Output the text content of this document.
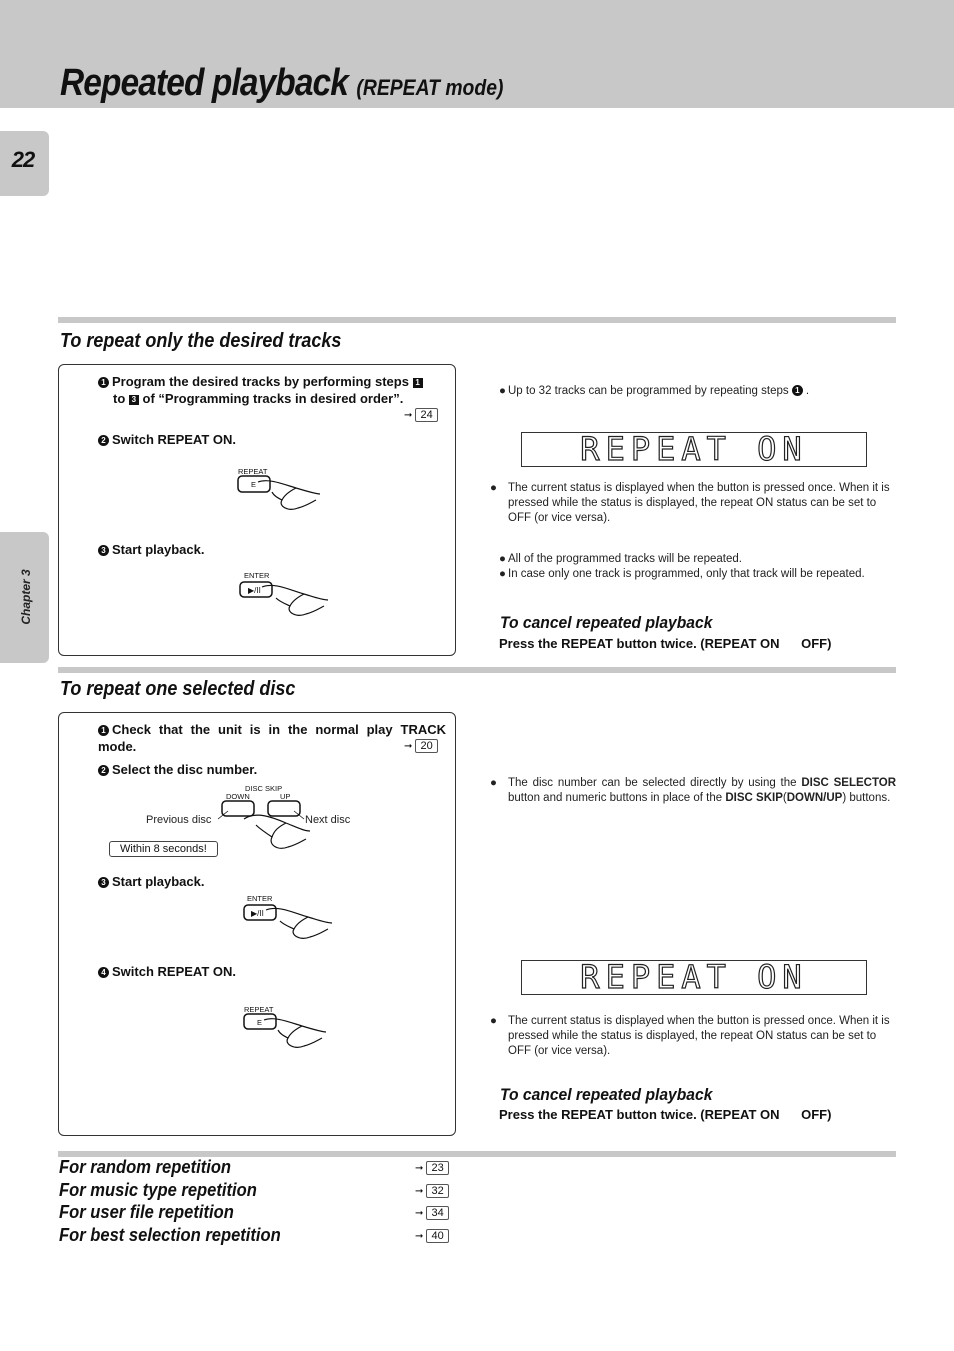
Repeated playback (REPEAT mode)
22
Chapter 3
To repeat only the desired tracks
1 Program the desired tracks by performing steps 1
to 3 of “Programming tracks in desired order”.
➞ 24
2 Switch REPEAT ON.
REPEAT
E
3 Start playback.
ENTER
▶/II
● Up to 32 tracks can be programmed by repeating steps 1 .
REPEAT ON
● The current status is displayed when the button is pressed once. When it is pressed while the status is displayed, the repeat ON status can be set to OFF (or vice versa).
● All of the programmed tracks will be repeated.
● In case only one track is programmed, only that track will be repeated.
To cancel repeated playback
Press the REPEAT button twice. (REPEAT ON OFF)
To repeat one selected disc
1 Check that the unit is in the normal play TRACK mode.	➞ 20
2 Select the disc number.
DISC SKIP
DOWN	UP
Previous disc	Next disc
Within 8 seconds!
3 Start playback.
ENTER
▶/II
4 Switch REPEAT ON.
REPEAT
E
● The disc number can be selected directly by using the DISC SELECTOR button and numeric buttons in place of the DISC SKIP(DOWN/UP) buttons.
REPEAT ON
● The current status is displayed when the button is pressed once. When it is pressed while the status is displayed, the repeat ON status can be set to OFF (or vice versa).
To cancel repeated playback
Press the REPEAT button twice. (REPEAT ON OFF)
For random repetition	➞ 23
For music type repetition	➞ 32
For user file repetition	➞ 34
For best selection repetition	➞ 40
